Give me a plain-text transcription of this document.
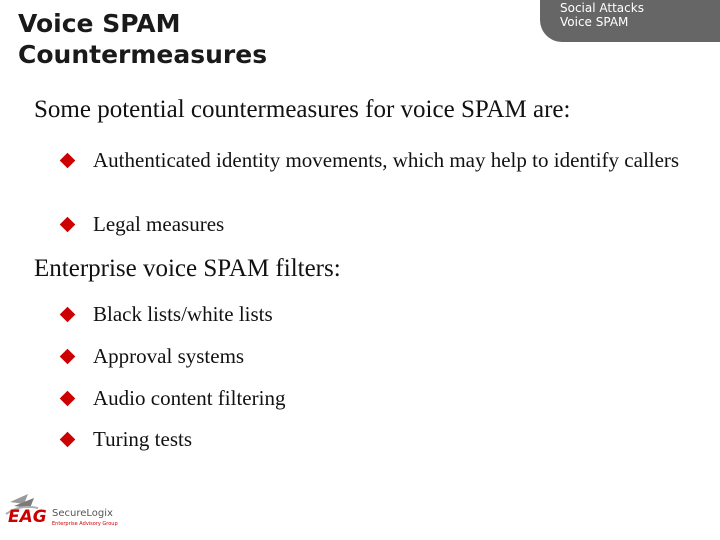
Voice SPAM
Countermeasures
Social Attacks
Voice SPAM
Some potential countermeasures for voice SPAM are:
Authenticated identity movements, which may help to identify callers
Legal measures
Enterprise voice SPAM filters:
Black lists/white lists
Approval systems
Audio content filtering
Turing tests
EAG SecureLogix
Enterprise Advisory Group
